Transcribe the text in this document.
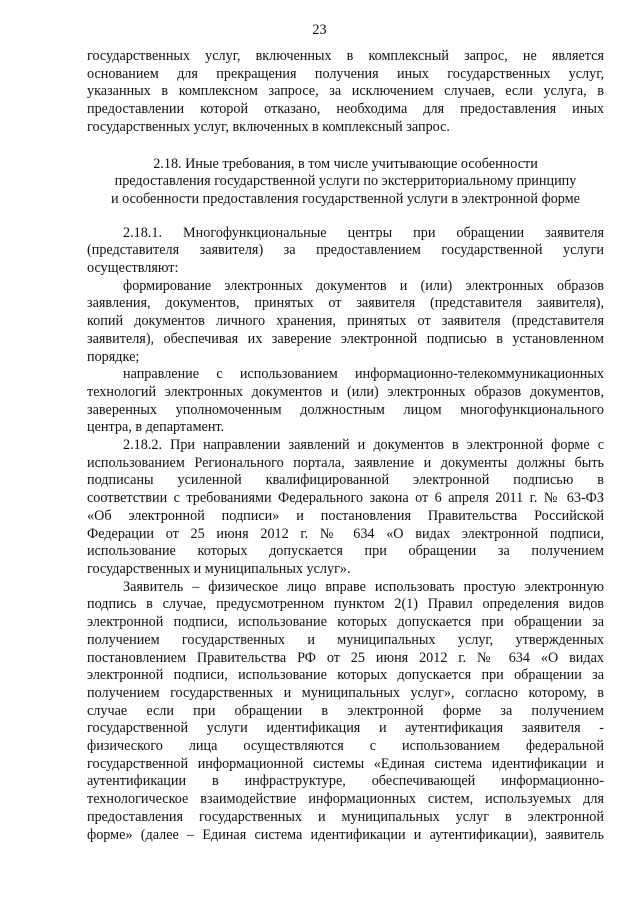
23
государственных услуг, включенных в комплексный запрос, не является
основанием для прекращения получения иных государственных услуг,
указанных в комплексном запросе, за исключением случаев, если услуга, в
предоставлении которой отказано, необходима для предоставления иных
государственных услуг, включенных в комплексный запрос.
2.18. Иные требования, в том числе учитывающие особенности
предоставления государственной услуги по экстерриториальному принципу
и особенности предоставления государственной услуги в электронной форме
2.18.1. Многофункциональные центры при обращении заявителя
(представителя заявителя) за предоставлением государственной услуги
осуществляют:
формирование электронных документов и (или) электронных образов
заявления, документов, принятых от заявителя (представителя заявителя),
копий документов личного хранения, принятых от заявителя (представителя
заявителя), обеспечивая их заверение электронной подписью в установленном
порядке;
направление с использованием информационно-телекоммуникационных
технологий электронных документов и (или) электронных образов документов,
заверенных уполномоченным должностным лицом многофункционального
центра, в департамент.
2.18.2. При направлении заявлений и документов в электронной форме с
использованием Регионального портала, заявление и документы должны быть
подписаны усиленной квалифицированной электронной подписью в
соответствии с требованиями Федерального закона от 6 апреля 2011 г. № 63-ФЗ
«Об электронной подписи» и постановления Правительства Российской
Федерации от 25 июня 2012 г. № 634 «О видах электронной подписи,
использование которых допускается при обращении за получением
государственных и муниципальных услуг».
Заявитель – физическое лицо вправе использовать простую электронную
подпись в случае, предусмотренном пунктом 2(1) Правил определения видов
электронной подписи, использование которых допускается при обращении за
получением государственных и муниципальных услуг, утвержденных
постановлением Правительства РФ от 25 июня 2012 г. № 634 «О видах
электронной подписи, использование которых допускается при обращении за
получением государственных и муниципальных услуг», согласно которому, в
случае если при обращении в электронной форме за получением
государственной услуги идентификация и аутентификация заявителя -
физического лица осуществляются с использованием федеральной
государственной информационной системы «Единая система идентификации и
аутентификации в инфраструктуре, обеспечивающей информационно-
технологическое взаимодействие информационных систем, используемых для
предоставления государственных и муниципальных услуг в электронной
форме» (далее – Единая система идентификации и аутентификации), заявитель
